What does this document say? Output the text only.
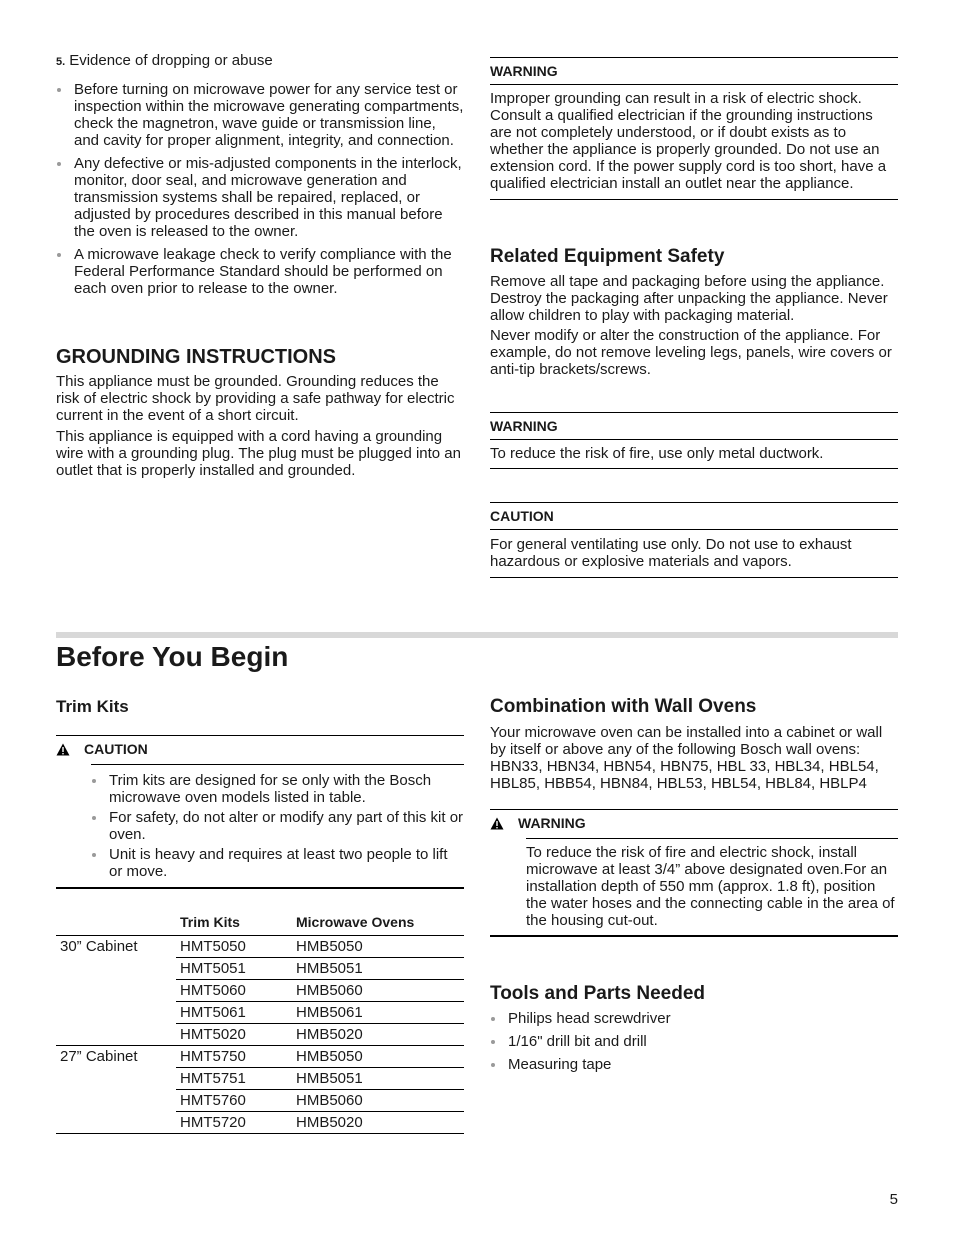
5. Evidence of dropping or abuse
Before turning on microwave power for any service test or inspection within the microwave generating compartments, check the magnetron, wave guide or transmission line, and cavity for proper alignment, integrity, and connection.
Any defective or mis-adjusted components in the interlock, monitor, door seal, and microwave generation and transmission systems shall be repaired, replaced, or adjusted by procedures described in this manual before the oven is released to the owner.
A microwave leakage check to verify compliance with the Federal Performance Standard should be performed on each oven prior to release to the owner.
GROUNDING INSTRUCTIONS

This appliance must be grounded. Grounding reduces the risk of electric shock by providing a safe pathway for electric current in the event of a short circuit.

This appliance is equipped with a cord having a grounding wire with a grounding plug. The plug must be plugged into an outlet that is properly installed and grounded.

WARNING
Improper grounding can result in a risk of electric shock. Consult a qualified electrician if the grounding instructions are not completely understood, or if doubt exists as to whether the appliance is properly grounded. Do not use an extension cord. If the power supply cord is too short, have a qualified electrician install an outlet near the appliance.
Related Equipment Safety

Remove all tape and packaging before using the appliance. Destroy the packaging after unpacking the appliance. Never allow children to play with packaging material.

Never modify or alter the construction of the appliance. For example, do not remove leveling legs, panels, wire covers or anti-tip brackets/screws.

WARNING
To reduce the risk of fire, use only metal ductwork.
CAUTION
For general ventilating use only. Do not use to exhaust hazardous or explosive materials and vapors.
Before You Begin
Trim Kits
CAUTION
Trim kits are designed for se only with the Bosch microwave oven models listed in table.
For safety, do not alter or modify any part of this kit or oven.
Unit is heavy and requires at least two people to lift or move.
	Trim Kits	Microwave Ovens
30” Cabinet	HMT5050	HMB5050
	HMT5051	HMB5051
	HMT5060	HMB5060
	HMT5061	HMB5061
	HMT5020	HMB5020
27” Cabinet	HMT5750	HMB5050
	HMT5751	HMB5051
	HMT5760	HMB5060
	HMT5720	HMB5020
Combination with Wall Ovens

Your microwave oven can be installed into a cabinet or wall by itself or above any of the following Bosch wall ovens: HBN33, HBN34, HBN54, HBN75, HBL 33, HBL34, HBL54, HBL85, HBB54, HBN84, HBL53, HBL54, HBL84, HBLP4

WARNING
To reduce the risk of fire and electric shock, install microwave at least 3/4” above designated oven.For an installation depth of 550 mm (approx. 1.8 ft), position the water hoses and the connecting cable in the area of the housing cut-out.
Tools and Parts Needed
Philips head screwdriver
1/16" drill bit and drill
Measuring tape
5
